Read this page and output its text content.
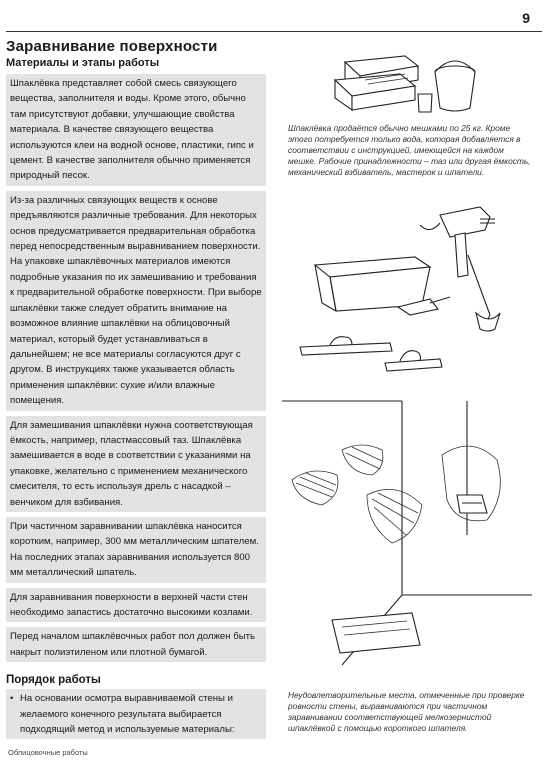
9
Заравнивание поверхности
Материалы и этапы работы

Шпаклёвка представляет собой смесь связующего вещества, заполнителя и воды. Кроме этого, обычно там присутствуют добавки, улучшающие свойства материала. В качестве связующего вещества используются клеи на водной основе, пластики, гипс и цемент. В качестве заполнителя обычно применяется природный песок.

Из-за различных связующих веществ к основе предъявляются различные требования. Для некоторых основ предусматривается предварительная обработка перед непосредственным выравниванием поверхности. На упаковке шпаклёвочных материалов имеются подробные указания по их замешиванию и требования к предварительной обработке поверхности. При выборе шпаклёвки также следует обратить внимание на возможное влияние шпаклёвки на облицовочный материал, который будет устанавливаться в дальнейшем; не все материалы согласуются друг с другом. В инструкциях также указывается область применения шпаклёвки: сухие и/или влажные помещения.

Для замешивания шпаклёвки нужна соответствующая ёмкость, например, пластмассовый таз. Шпаклёвка замешивается в воде в соответствии с указаниями на упаковке, желательно с применением механического смесителя, то есть используя дрель с насадкой – венчиком для взбивания.

При частичном заравнивании шпаклёвка наносится коротким, например, 300 мм металлическим шпателем. На последних этапах заравнивания используется 800 мм металлический шпатель.

Для заравнивания поверхности в верхней части стен необходимо запастись достаточно высокими козлами.

Перед началом шпаклёвочных работ пол должен быть накрыт полиэтиленом или плотной бумагой.

Порядок работы
• На основании осмотра выравниваемой стены и желаемого конечного результата выбирается подходящий метод и используемые материалы:
Облицовочные работы
Шпаклёвка продаётся обычно мешками по 25 кг. Кроме этого потребуется только вода, которая добавляется в соответствии с инструкцией, имеющейся на каждом мешке. Рабочие принадлежности – таз или другая ёмкость, механический взбиватель, мастерок и шпатели.
Неудовлетворительные места, отмеченные при проверке ровности стены, выравниваются при частичном заравнивании соответствующей мелкозернистой шпаклёвкой с помощью короткого шпателя.
